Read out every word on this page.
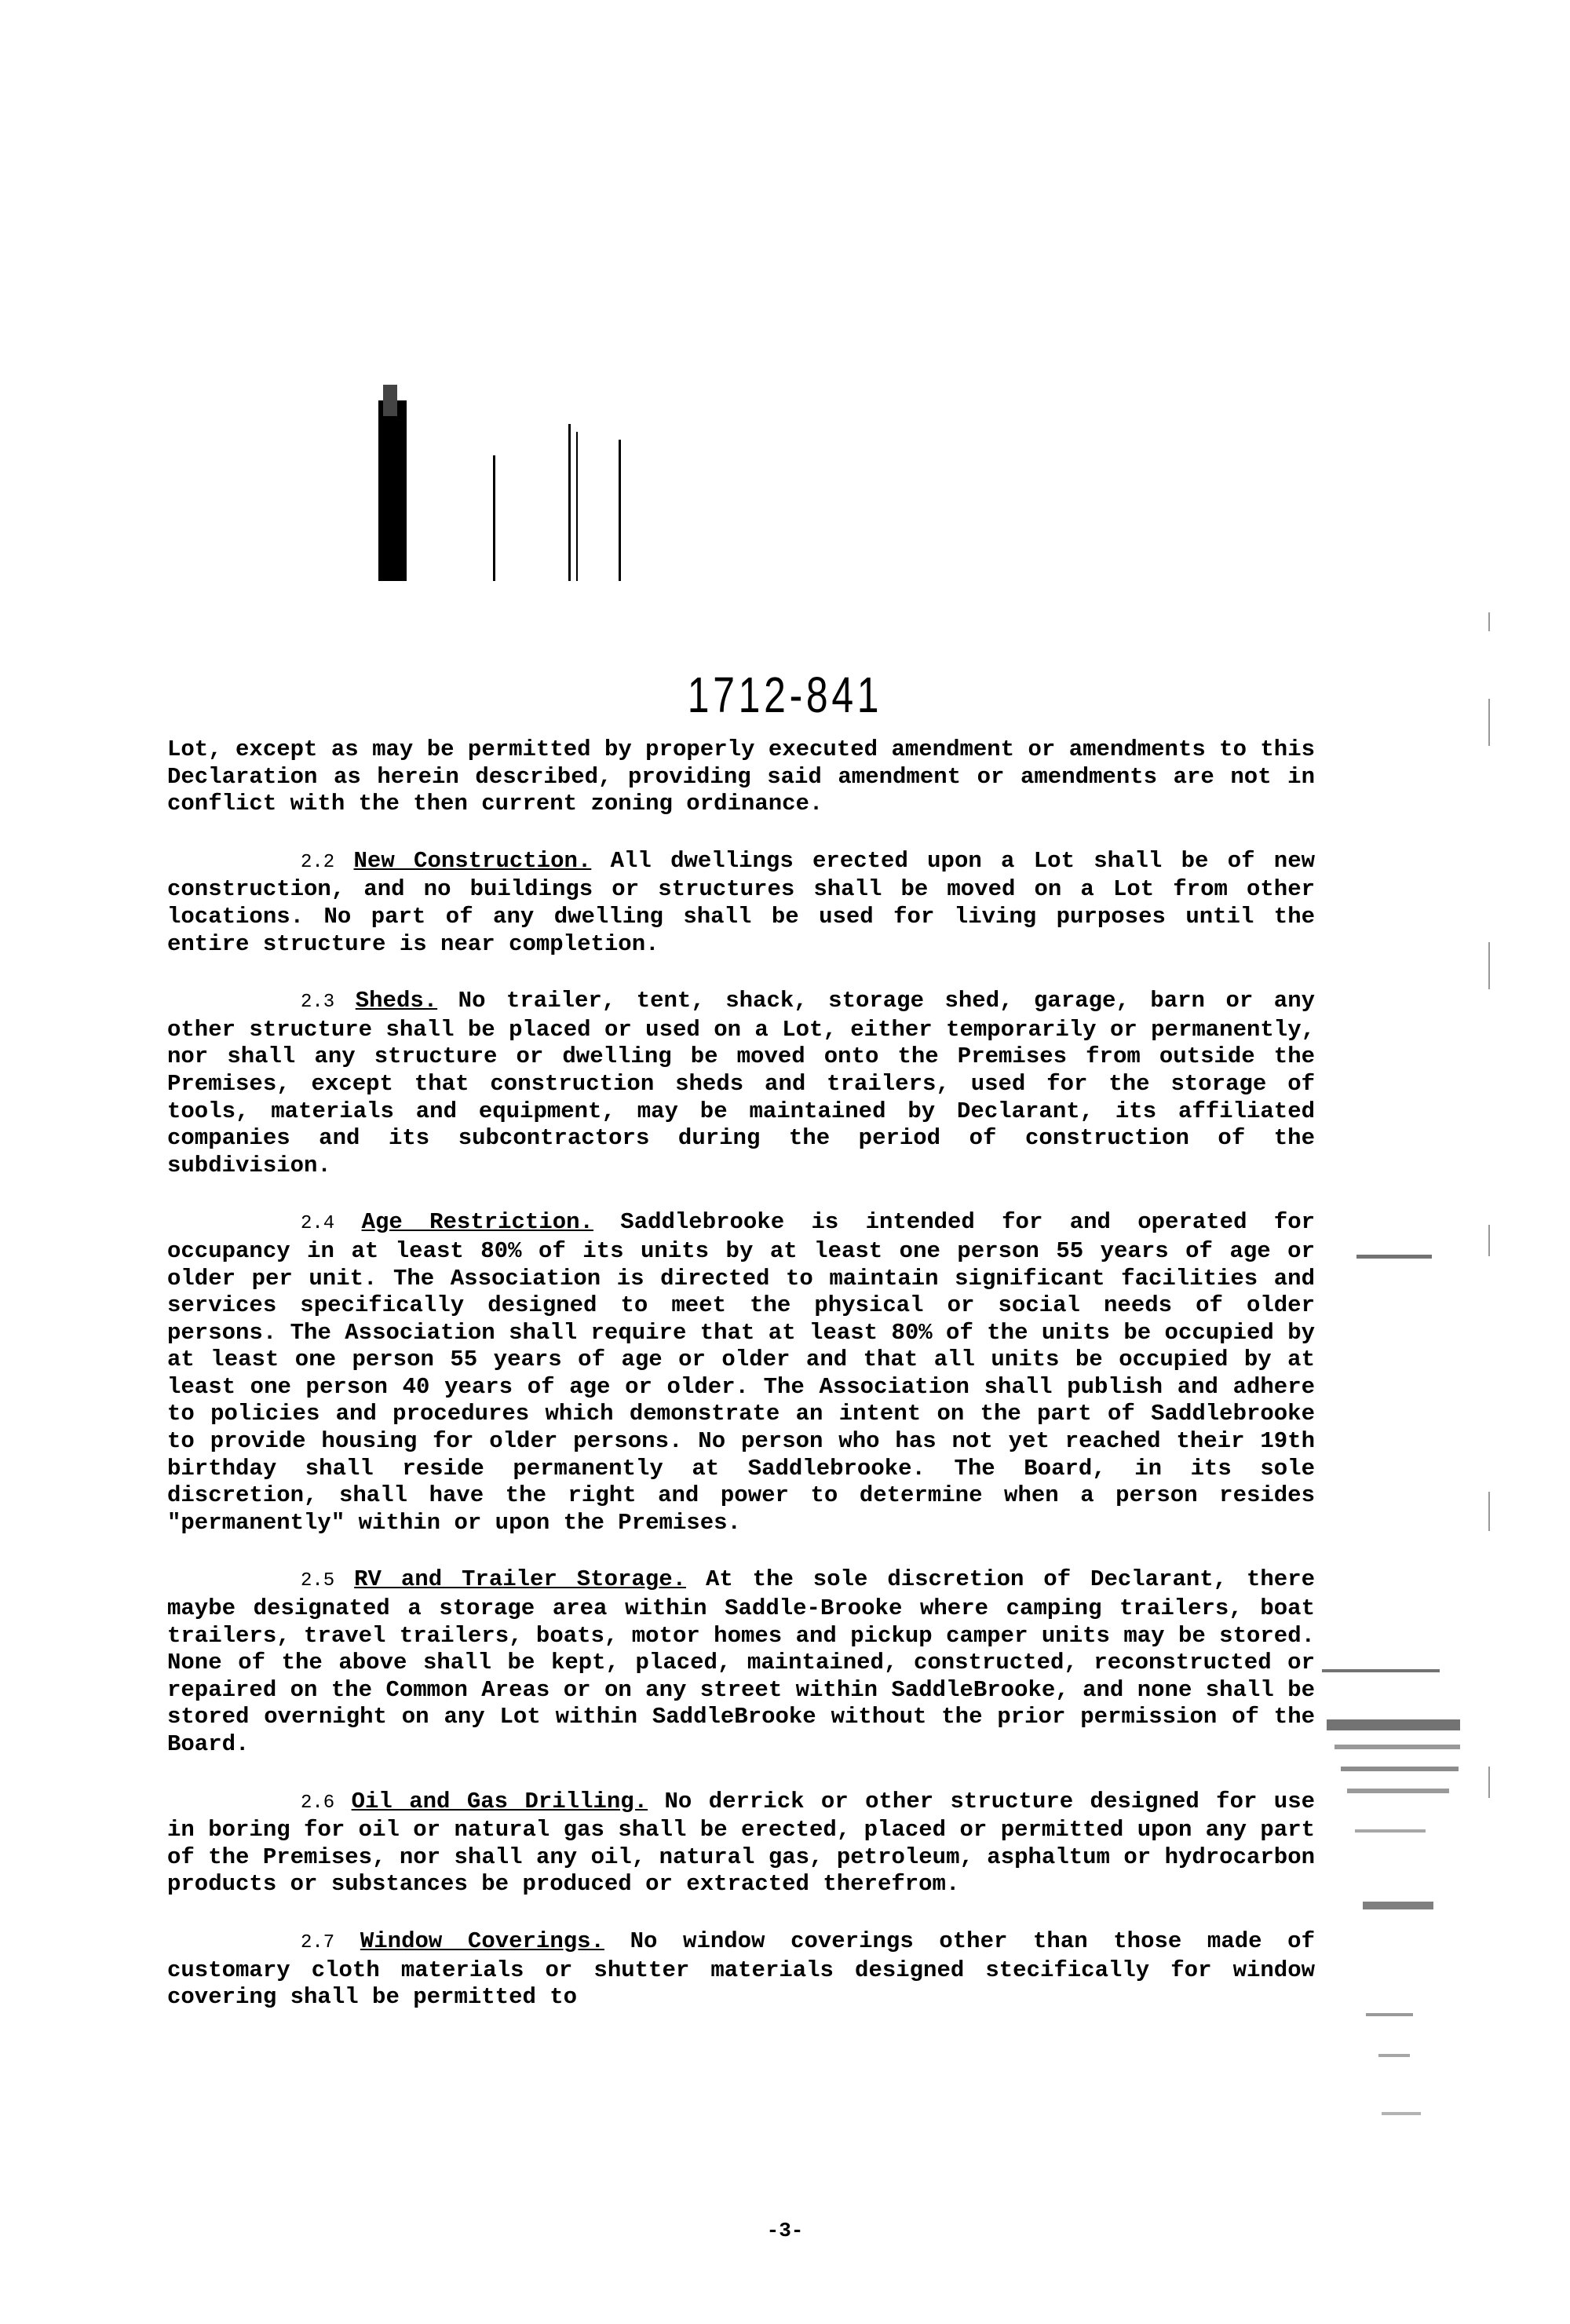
1712-841

Lot, except as may be permitted by properly executed amendment or amendments to this Declaration as herein described, providing said amendment or amendments are not in conflict with the then current zoning ordinance.

2.2 New Construction. All dwellings erected upon a Lot shall be of new construction, and no buildings or structures shall be moved on a Lot from other locations. No part of any dwelling shall be used for living purposes until the entire structure is near completion.

2.3 Sheds. No trailer, tent, shack, storage shed, garage, barn or any other structure shall be placed or used on a Lot, either temporarily or permanently, nor shall any structure or dwelling be moved onto the Premises from outside the Premises, except that construction sheds and trailers, used for the storage of tools, materials and equipment, may be maintained by Declarant, its affiliated companies and its subcontractors during the period of construction of the subdivision.

2.4 Age Restriction. Saddlebrooke is intended for and operated for occupancy in at least 80% of its units by at least one person 55 years of age or older per unit. The Association is directed to maintain significant facilities and services specifically designed to meet the physical or social needs of older persons. The Association shall require that at least 80% of the units be occupied by at least one person 55 years of age or older and that all units be occupied by at least one person 40 years of age or older. The Association shall publish and adhere to policies and procedures which demonstrate an intent on the part of Saddlebrooke to provide housing for older persons. No person who has not yet reached their 19th birthday shall reside permanently at Saddlebrooke. The Board, in its sole discretion, shall have the right and power to determine when a person resides "permanently" within or upon the Premises.

2.5 RV and Trailer Storage. At the sole discretion of Declarant, there maybe designated a storage area within Saddle-Brooke where camping trailers, boat trailers, travel trailers, boats, motor homes and pickup camper units may be stored. None of the above shall be kept, placed, maintained, constructed, reconstructed or repaired on the Common Areas or on any street within SaddleBrooke, and none shall be stored overnight on any Lot within SaddleBrooke without the prior permission of the Board.

2.6 Oil and Gas Drilling. No derrick or other structure designed for use in boring for oil or natural gas shall be erected, placed or permitted upon any part of the Premises, nor shall any oil, natural gas, petroleum, asphaltum or hydrocarbon products or substances be produced or extracted therefrom.

2.7 Window Coverings. No window coverings other than those made of customary cloth materials or shutter materials designed stecifically for window covering shall be permitted to

-3-
